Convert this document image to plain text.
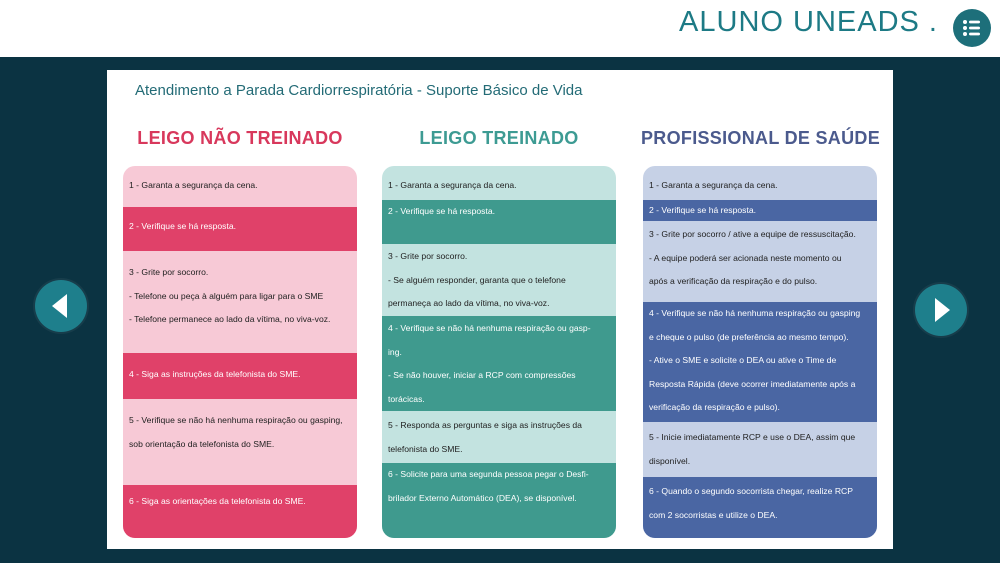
ALUNO UNEADS .
Atendimento a Parada Cardiorrespiratória - Suporte Básico de Vida
LEIGO NÃO TREINADO	LEIGO TREINADO	PROFISSIONAL DE SAÚDE

1 - Garanta a segurança da cena.

2 - Verifique se há resposta.

3 - Grite por socorro.

- Telefone ou peça à alguém para ligar para o SME

- Telefone permanece ao lado da vítima, no viva-voz.

4 - Siga as instruções da telefonista do SME.

5 - Verifique se não há nenhuma respiração ou gasping,

sob orientação da telefonista do SME.

6 - Siga as orientações da telefonista do SME.

1 - Garanta a segurança da cena.

2 - Verifique se há resposta.

3 - Grite por socorro.

- Se alguém responder, garanta que o telefone

permaneça ao lado da vítima, no viva-voz.

4 - Verifique se não há nenhuma respiração ou gasp-

ing.

- Se não houver, iniciar a RCP com compressões

torácicas.

5 - Responda as perguntas e siga as instruções da

telefonista do SME.

6 - Solicite para uma segunda pessoa pegar o Desfi-

brilador Externo Automático (DEA), se disponível.

1 - Garanta a segurança da cena.

2 - Verifique se há resposta.

3 - Grite por socorro / ative a equipe de ressuscitação.

- A equipe poderá ser acionada neste momento ou

após a verificação da respiração e do pulso.

4 - Verifique se não há nenhuma respiração ou gasping

e cheque o pulso (de preferência ao mesmo tempo).

- Ative o SME e solicite o DEA ou ative o Time de

Resposta Rápida (deve ocorrer imediatamente após a

verificação da respiração e pulso).

5 - Inicie imediatamente RCP e use o DEA, assim que

disponível.

6 - Quando o segundo socorrista chegar, realize RCP

com 2 socorristas e utilize o DEA.
